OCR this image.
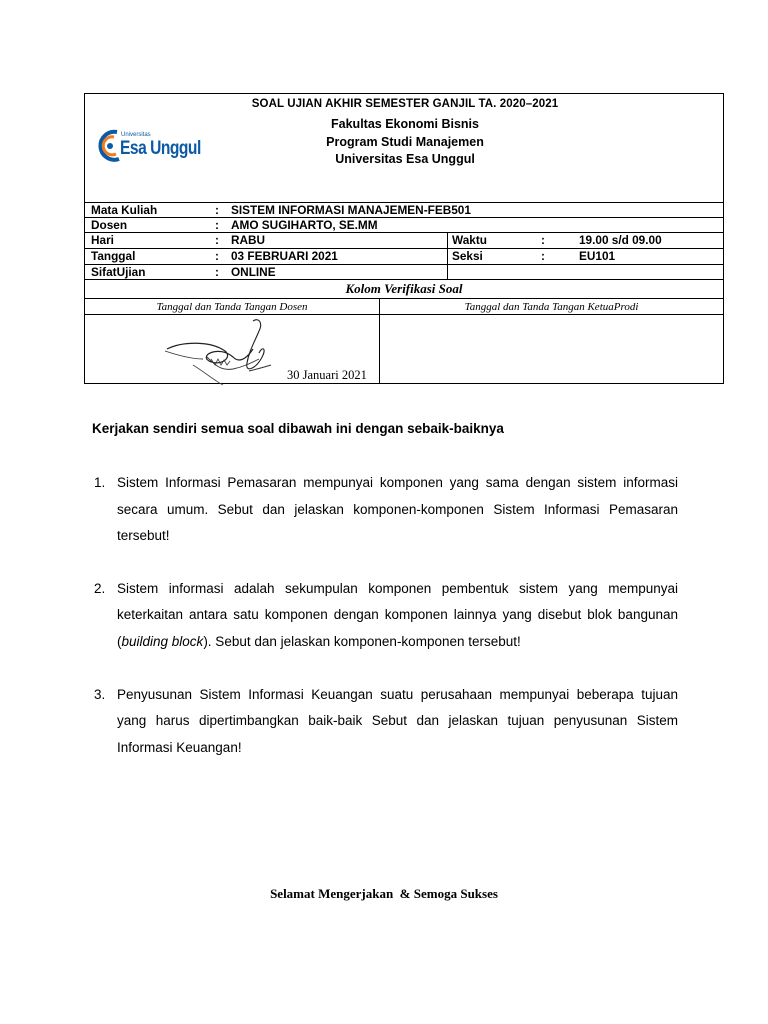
Universitas
Esa Unggul
SOAL UJIAN AKHIR SEMESTER GANJIL TA. 2020–2021
Fakultas Ekonomi Bisnis
Program Studi Manajemen
Universitas Esa Unggul
Mata Kuliah	: SISTEM INFORMASI MANAJEMEN-FEB501
Dosen	: AMO SUGIHARTO, SE.MM
Hari	: RABU	Waktu	:	19.00 s/d 09.00
Tanggal	: 03 FEBRUARI 2021	Seksi	:	EU101
SifatUjian	: ONLINE
Kolom Verifikasi Soal
Tanggal dan Tanda Tangan Dosen	Tanggal dan Tanda Tangan KetuaProdi
30 Januari 2021
Kerjakan sendiri semua soal dibawah ini dengan sebaik-baiknya
1. Sistem Informasi Pemasaran mempunyai komponen yang sama dengan sistem informasi secara umum. Sebut dan jelaskan komponen-komponen Sistem Informasi Pemasaran tersebut!
2. Sistem informasi adalah sekumpulan komponen pembentuk sistem yang mempunyai keterkaitan antara satu komponen dengan komponen lainnya yang disebut blok bangunan (building block). Sebut dan jelaskan komponen-komponen tersebut!
3. Penyusunan Sistem Informasi Keuangan suatu perusahaan mempunyai beberapa tujuan yang harus dipertimbangkan baik-baik Sebut dan jelaskan tujuan penyusunan Sistem Informasi Keuangan!
Selamat Mengerjakan  & Semoga Sukses
